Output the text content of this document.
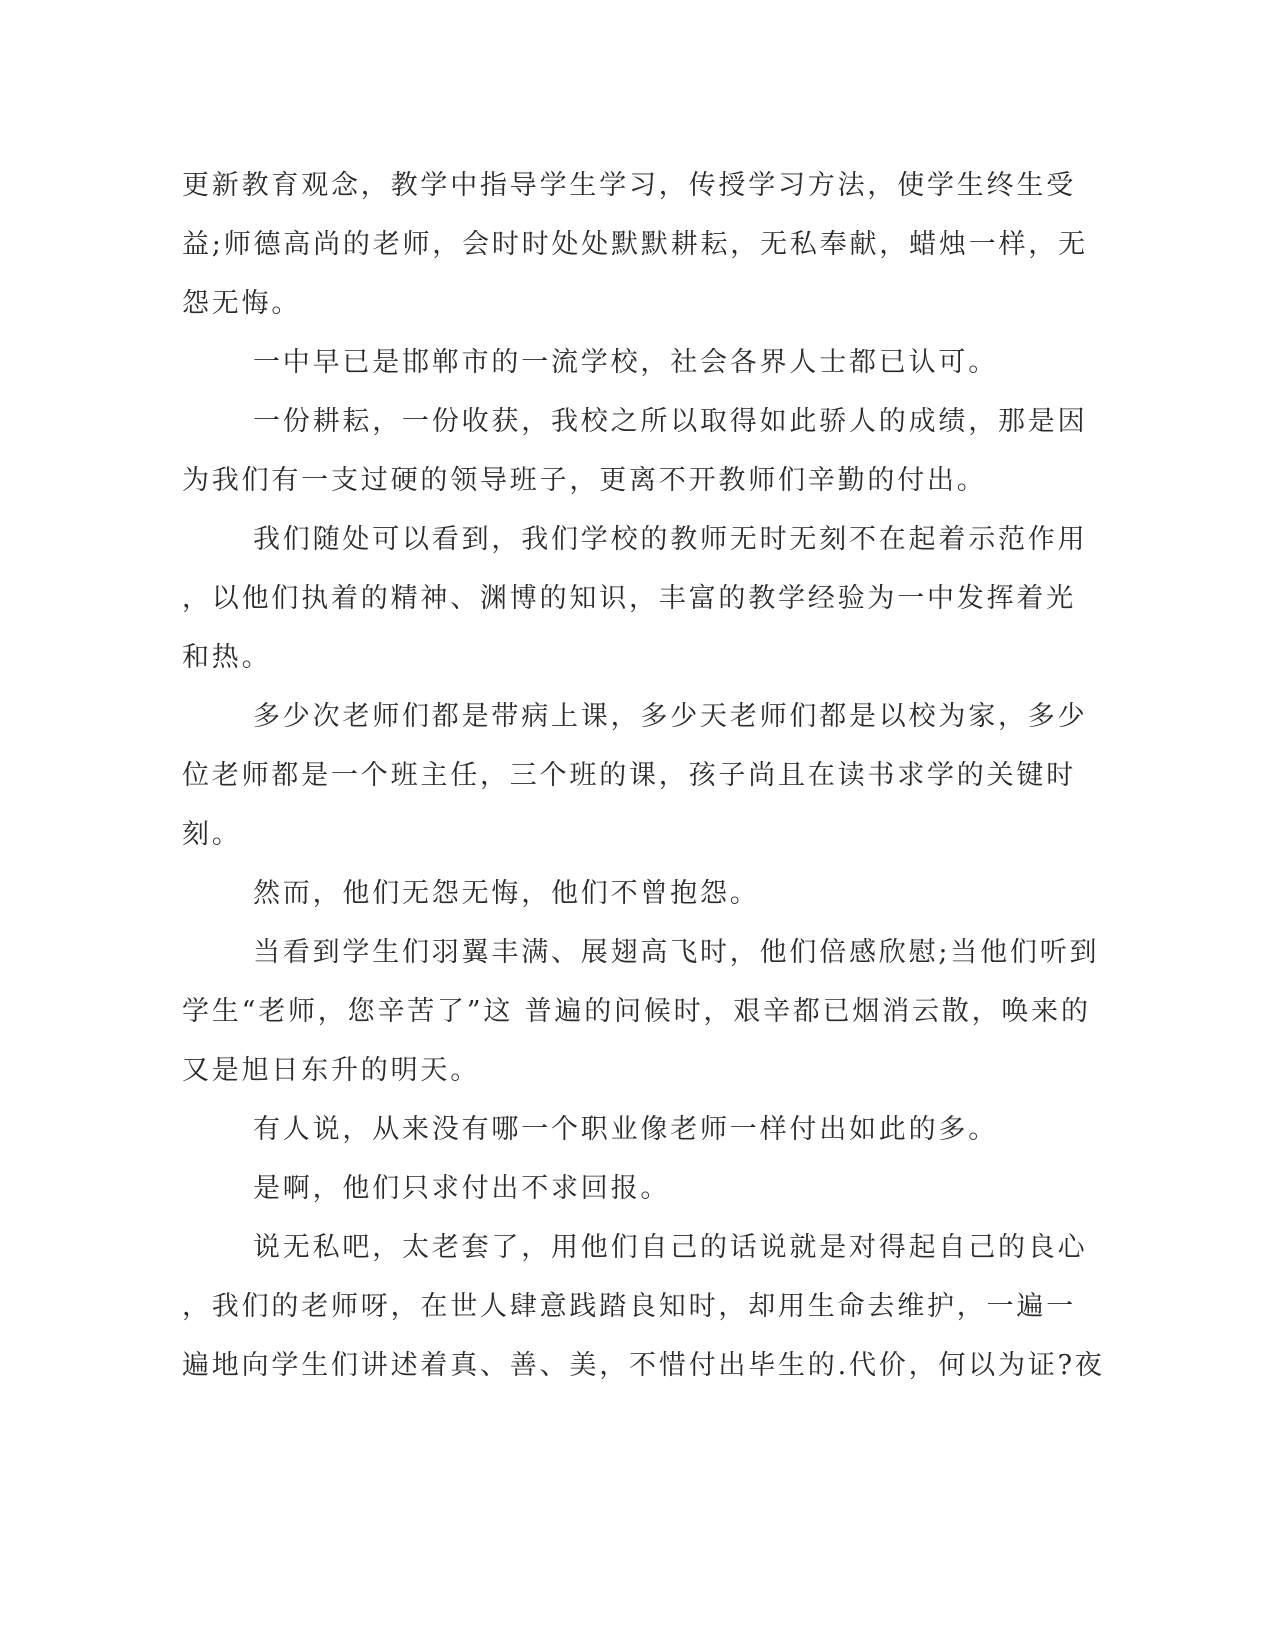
更新教育观念，教学中指导学生学习，传授学习方法，使学生终生受
益;师德高尚的老师，会时时处处默默耕耘，无私奉献，蜡烛一样，无
怨无悔。
一中早已是邯郸市的一流学校，社会各界人士都已认可。
一份耕耘，一份收获，我校之所以取得如此骄人的成绩，那是因
为我们有一支过硬的领导班子，更离不开教师们辛勤的付出。
我们随处可以看到，我们学校的教师无时无刻不在起着示范作用
，以他们执着的精神、渊博的知识，丰富的教学经验为一中发挥着光
和热。
多少次老师们都是带病上课，多少天老师们都是以校为家，多少
位老师都是一个班主任，三个班的课，孩子尚且在读书求学的关键时
刻。
然而，他们无怨无悔，他们不曾抱怨。
当看到学生们羽翼丰满、展翅高飞时，他们倍感欣慰;当他们听到
学生“老师，您辛苦了”这 普遍的问候时，艰辛都已烟消云散，唤来的
又是旭日东升的明天。
有人说，从来没有哪一个职业像老师一样付出如此的多。
是啊，他们只求付出不求回报。
说无私吧，太老套了，用他们自己的话说就是对得起自己的良心
，我们的老师呀，在世人肆意践踏良知时，却用生命去维护，一遍一
遍地向学生们讲述着真、善、美，不惜付出毕生的.代价，何以为证?夜
